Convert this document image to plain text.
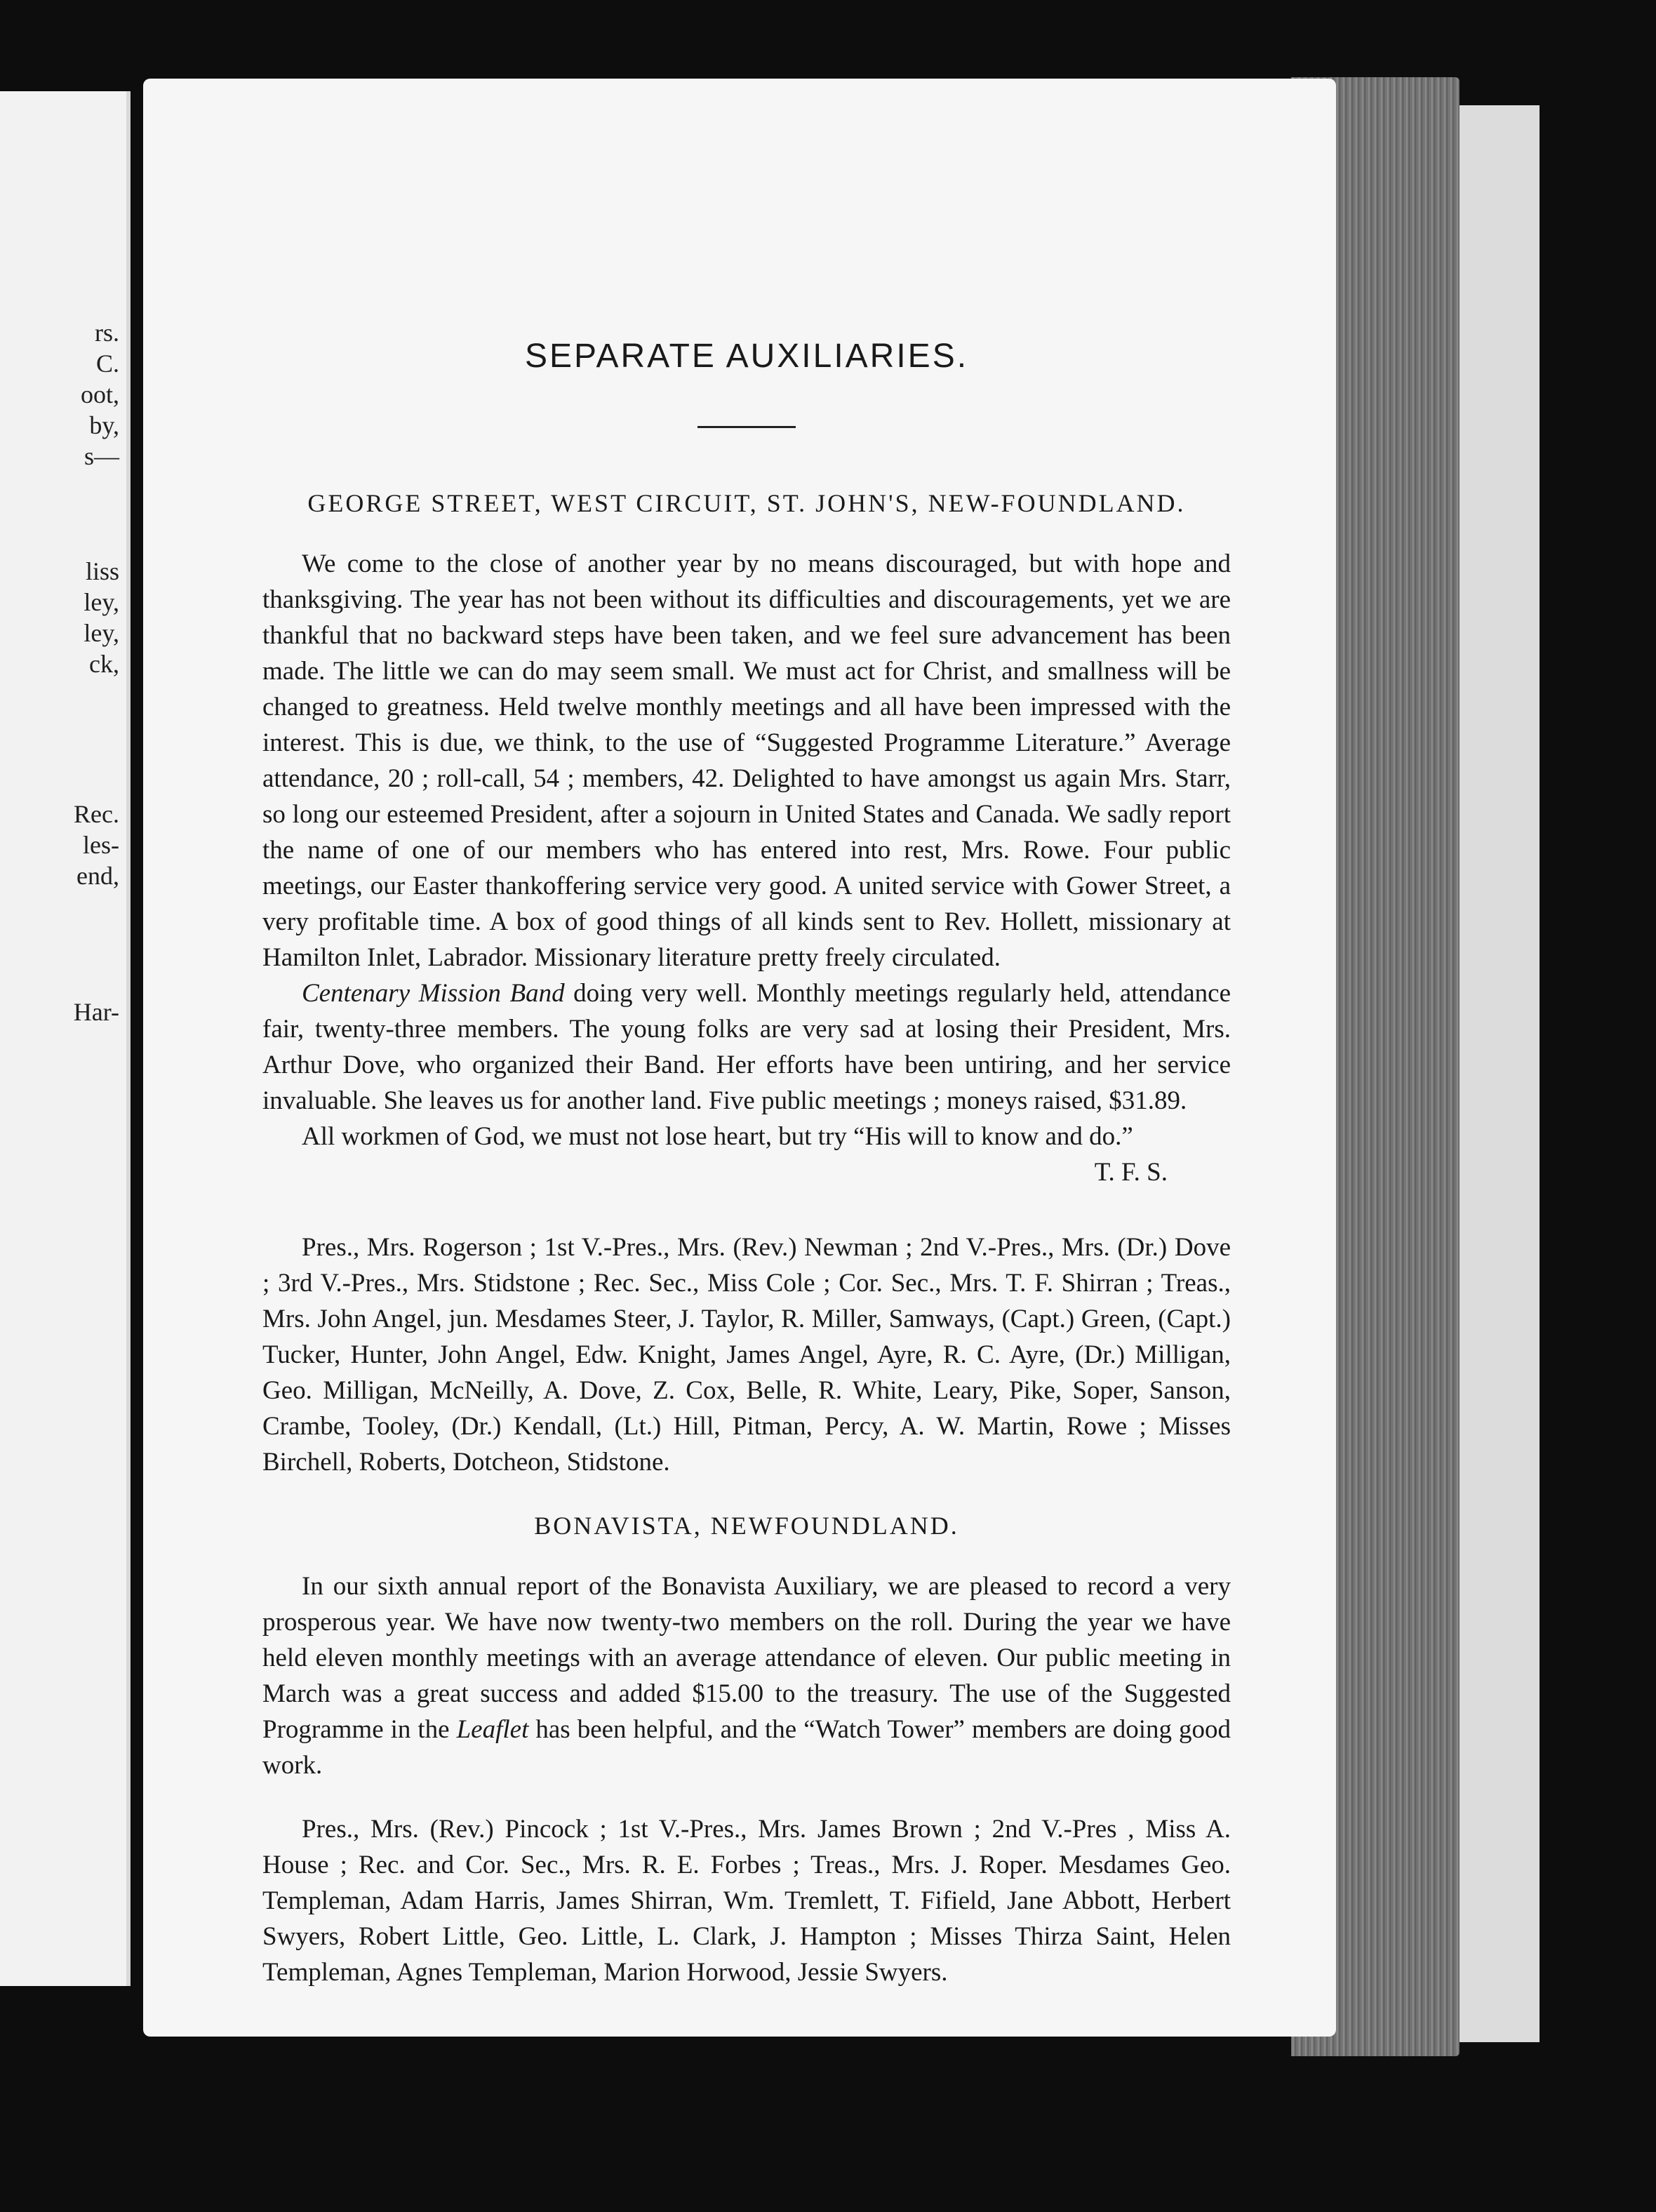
rs.
C.
oot,
by,
s—
liss
ley,
ley,
ck,
Rec.
les-
end,
Har-
SEPARATE AUXILIARIES.
GEORGE STREET, WEST CIRCUIT, ST. JOHN'S, NEW-FOUNDLAND.

We come to the close of another year by no means discouraged, but with hope and thanksgiving. The year has not been without its difficulties and discouragements, yet we are thankful that no backward steps have been taken, and we feel sure advancement has been made. The little we can do may seem small. We must act for Christ, and smallness will be changed to greatness. Held twelve monthly meetings and all have been impressed with the interest. This is due, we think, to the use of “Suggested Programme Literature.” Average attendance, 20 ; roll-call, 54 ; members, 42. Delighted to have amongst us again Mrs. Starr, so long our esteemed President, after a sojourn in United States and Canada. We sadly report the name of one of our members who has entered into rest, Mrs. Rowe. Four public meetings, our Easter thankoffering service very good. A united service with Gower Street, a very profitable time. A box of good things of all kinds sent to Rev. Hollett, missionary at Hamilton Inlet, Labrador. Missionary literature pretty freely circulated.

Centenary Mission Band doing very well. Monthly meetings regularly held, attendance fair, twenty-three members. The young folks are very sad at losing their President, Mrs. Arthur Dove, who organized their Band. Her efforts have been untiring, and her service invaluable. She leaves us for another land. Five public meetings ; moneys raised, $31.89.

All workmen of God, we must not lose heart, but try “His will to know and do.”

T. F. S.

Pres., Mrs. Rogerson ; 1st V.-Pres., Mrs. (Rev.) Newman ; 2nd V.-Pres., Mrs. (Dr.) Dove ; 3rd V.-Pres., Mrs. Stidstone ; Rec. Sec., Miss Cole ; Cor. Sec., Mrs. T. F. Shirran ; Treas., Mrs. John Angel, jun. Mesdames Steer, J. Taylor, R. Miller, Samways, (Capt.) Green, (Capt.) Tucker, Hunter, John Angel, Edw. Knight, James Angel, Ayre, R. C. Ayre, (Dr.) Milligan, Geo. Milligan, McNeilly, A. Dove, Z. Cox, Belle, R. White, Leary, Pike, Soper, Sanson, Crambe, Tooley, (Dr.) Kendall, (Lt.) Hill, Pitman, Percy, A. W. Martin, Rowe ; Misses Birchell, Roberts, Dotcheon, Stidstone.

BONAVISTA, NEWFOUNDLAND.

In our sixth annual report of the Bonavista Auxiliary, we are pleased to record a very prosperous year. We have now twenty-two members on the roll. During the year we have held eleven monthly meetings with an average attendance of eleven. Our public meeting in March was a great success and added $15.00 to the treasury. The use of the Suggested Programme in the Leaflet has been helpful, and the “Watch Tower” members are doing good work.

Pres., Mrs. (Rev.) Pincock ; 1st V.-Pres., Mrs. James Brown ; 2nd V.-Pres , Miss A. House ; Rec. and Cor. Sec., Mrs. R. E. Forbes ; Treas., Mrs. J. Roper. Mesdames Geo. Templeman, Adam Harris, James Shirran, Wm. Tremlett, T. Fifield, Jane Abbott, Herbert Swyers, Robert Little, Geo. Little, L. Clark, J. Hampton ; Misses Thirza Saint, Helen Templeman, Agnes Templeman, Marion Horwood, Jessie Swyers.
